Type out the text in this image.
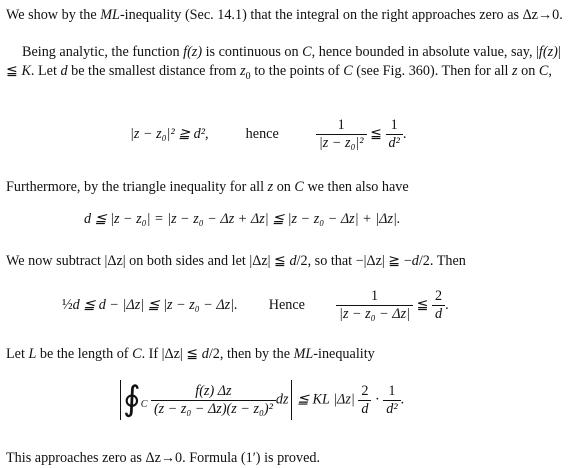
We show by the ML-inequality (Sec. 14.1) that the integral on the right approaches zero as Δz→0.

Being analytic, the function f(z) is continuous on C, hence bounded in absolute value, say, |f(z)| ≦ K. Let d be the smallest distance from $z_0$ to the points of C (see Fig. 360). Then for all z on C,

|z − z₀|² ≧ d²,	hence	$\frac{1}{\text{|z − z₀|²}}$ ≦ $\frac{1}{\text{d²}}$ .

Furthermore, by the triangle inequality for all z on C we then also have

d ≦ |z − z₀| = |z − z₀ − Δz + Δz| ≦ |z − z₀ − Δz| + |Δz|.

We now subtract |Δz| on both sides and let |Δz| ≦ d/2, so that −|Δz| ≧ −d/2. Then

½d ≦ d − |Δz| ≦ |z − z₀ − Δz|. Hence $\frac{1}{\text{|z − z₀ − Δz|}}$ ≦ $\frac{2}{d}$ .

Let L be the length of C. If |Δz| ≦ d/2, then by the ML-inequality

$∮_C \frac{f(z) \Delta z}{\text{(z − z₀ − Δz)(z − z₀)²}}$ dz ≦ KL $|\Delta z| \frac{2}{d} \cdot \frac{1}{\text{d²}}$ .

This approaches zero as Δz→0. Formula (1′) is proved.
